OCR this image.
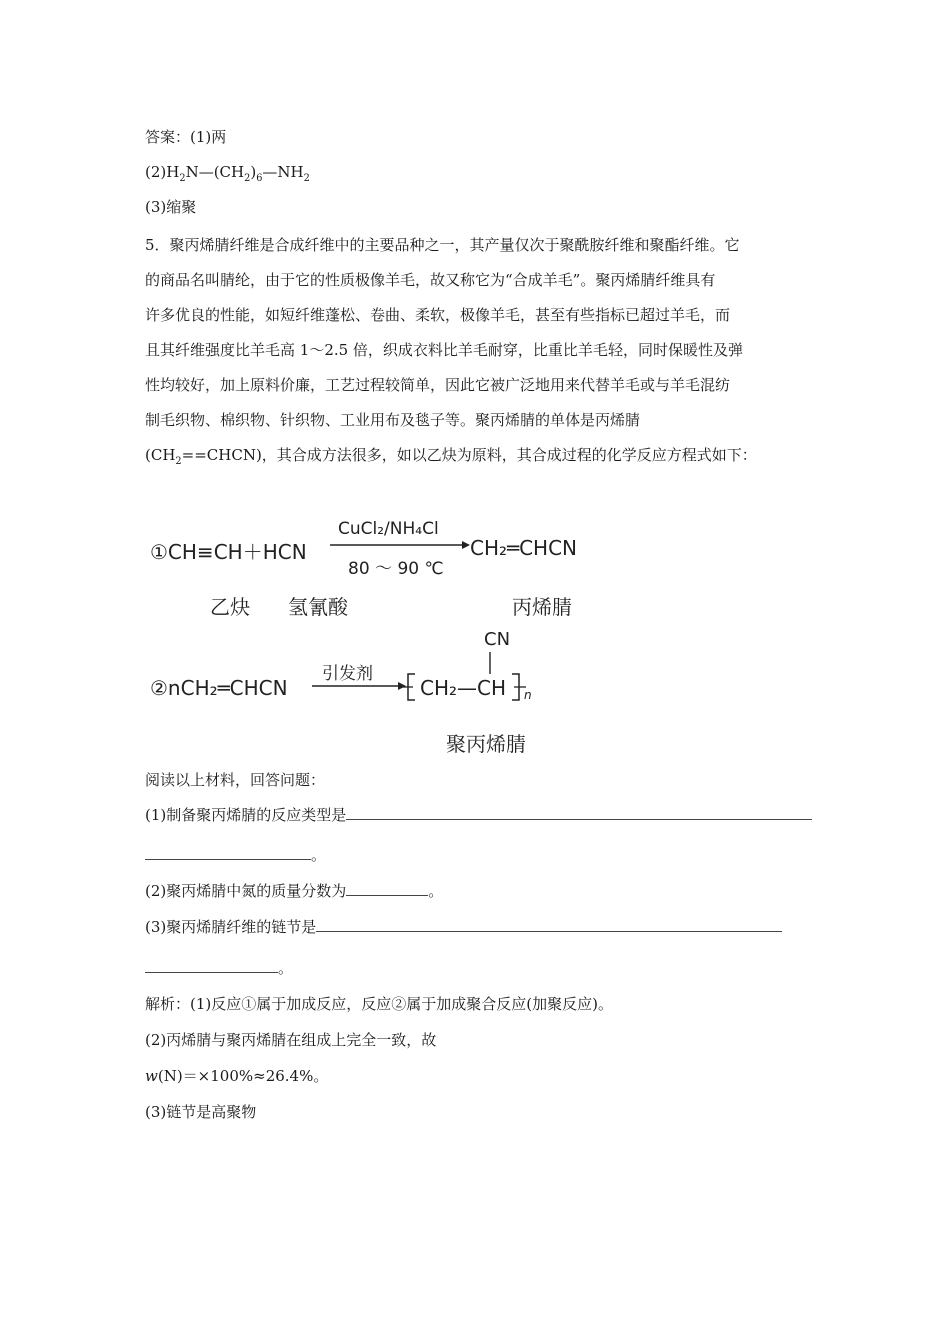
答案：(1)两
$(2)H_2N—(CH_2)_6—NH_2$
(3)缩聚
5．聚丙烯腈纤维是合成纤维中的主要品种之一，其产量仅次于聚酰胺纤维和聚酯纤维。它
的商品名叫腈纶，由于它的性质极像羊毛，故又称它为“合成羊毛”。聚丙烯腈纤维具有
许多优良的性能，如短纤维蓬松、卷曲、柔软，极像羊毛，甚至有些指标已超过羊毛，而
且其纤维强度比羊毛高 1～2.5 倍，织成衣料比羊毛耐穿，比重比羊毛轻，同时保暖性及弹
性均较好，加上原料价廉，工艺过程较简单，因此它被广泛地用来代替羊毛或与羊毛混纺
制毛织物、棉织物、针织物、工业用布及毯子等。聚丙烯腈的单体是丙烯腈
$(CH_2==CHCN)$，其合成方法很多，如以乙炔为原料，其合成过程的化学反应方程式如下：
①CH≡CH＋HCN
CuCl₂/NH₄Cl
80 ～ 90 ℃
CH₂═CHCN
乙炔 氢氰酸	丙烯腈
②nCH₂═CHCN
引发剂
CH₂—CH
CN
n
聚丙烯腈
阅读以上材料，回答问题：
(1)制备聚丙烯腈的反应类型是
。
(2)聚丙烯腈中氮的质量分数为	。
(3)聚丙烯腈纤维的链节是
。
解析：(1)反应①属于加成反应，反应②属于加成聚合反应(加聚反应)。
(2)丙烯腈与聚丙烯腈在组成上完全一致，故
w(N)＝×100%≈26.4%。
(3)链节是高聚物
